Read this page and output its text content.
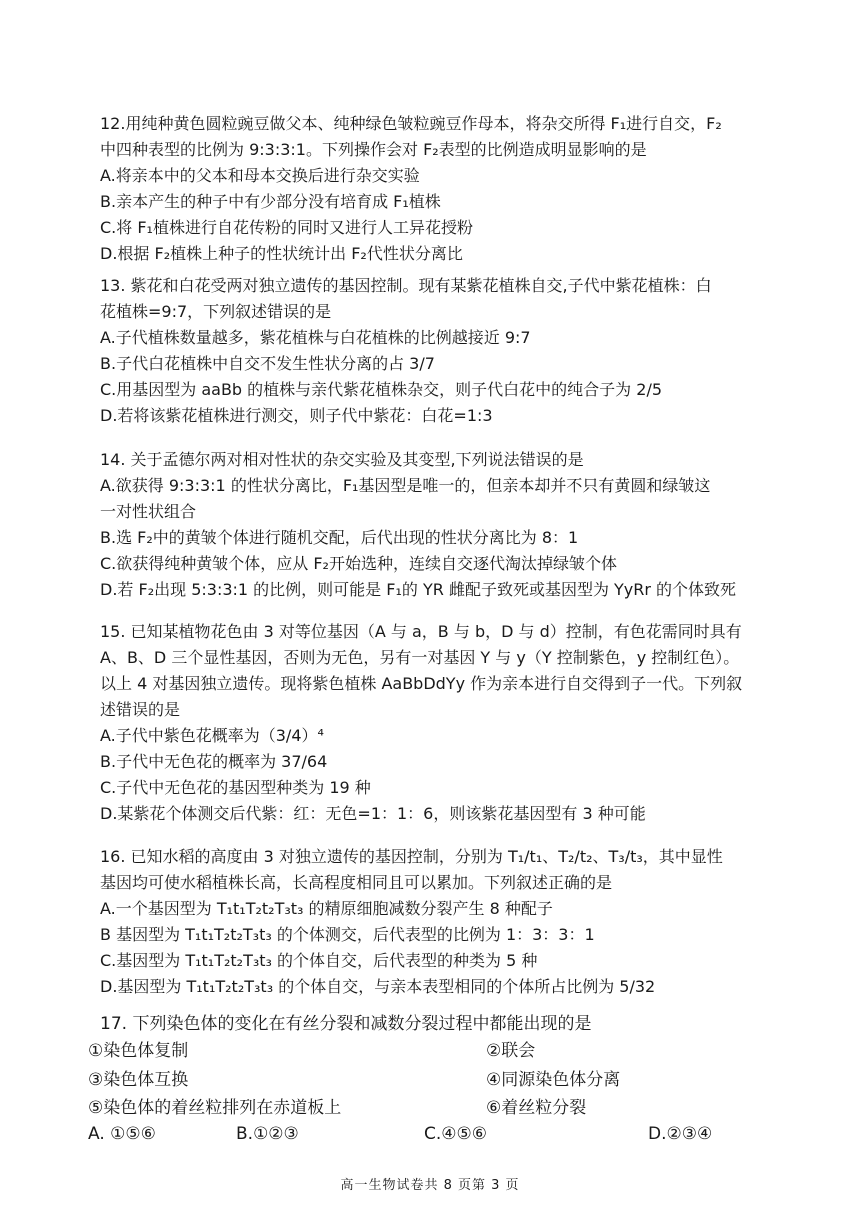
12.用纯种黄色圆粒豌豆做父本、纯种绿色皱粒豌豆作母本，将杂交所得 F₁进行自交，F₂
中四种表型的比例为 9:3:3:1。下列操作会对 F₂表型的比例造成明显影响的是
A.将亲本中的父本和母本交换后进行杂交实验
B.亲本产生的种子中有少部分没有培育成 F₁植株
C.将 F₁植株进行自花传粉的同时又进行人工异花授粉
D.根据 F₂植株上种子的性状统计出 F₂代性状分离比
13. 紫花和白花受两对独立遗传的基因控制。现有某紫花植株自交,子代中紫花植株：白
花植株=9:7，下列叙述错误的是
A.子代植株数量越多，紫花植株与白花植株的比例越接近 9:7
B.子代白花植株中自交不发生性状分离的占 3/7
C.用基因型为 aaBb 的植株与亲代紫花植株杂交，则子代白花中的纯合子为 2/5
D.若将该紫花植株进行测交，则子代中紫花：白花=1:3
14. 关于孟德尔两对相对性状的杂交实验及其变型,下列说法错误的是
A.欲获得 9:3:3:1 的性状分离比，F₁基因型是唯一的，但亲本却并不只有黄圆和绿皱这
一对性状组合
B.选 F₂中的黄皱个体进行随机交配，后代出现的性状分离比为 8：1
C.欲获得纯种黄皱个体，应从 F₂开始选种，连续自交逐代淘汰掉绿皱个体
D.若 F₂出现 5:3:3:1 的比例，则可能是 F₁的 YR 雌配子致死或基因型为 YyRr 的个体致死
15. 已知某植物花色由 3 对等位基因（A 与 a，B 与 b，D 与 d）控制，有色花需同时具有
A、B、D 三个显性基因，否则为无色，另有一对基因 Y 与 y（Y 控制紫色，y 控制红色）。
以上 4 对基因独立遗传。现将紫色植株 AaBbDdYy 作为亲本进行自交得到子一代。下列叙
述错误的是
A.子代中紫色花概率为（3/4）⁴
B.子代中无色花的概率为 37/64
C.子代中无色花的基因型种类为 19 种
D.某紫花个体测交后代紫：红：无色=1：1：6，则该紫花基因型有 3 种可能
16. 已知水稻的高度由 3 对独立遗传的基因控制，分别为 T₁/t₁、T₂/t₂、T₃/t₃，其中显性
基因均可使水稻植株长高，长高程度相同且可以累加。下列叙述正确的是
A.一个基因型为 T₁t₁T₂t₂T₃t₃ 的精原细胞减数分裂产生 8 种配子
B 基因型为 T₁t₁T₂t₂T₃t₃ 的个体测交，后代表型的比例为 1：3：3：1
C.基因型为 T₁t₁T₂t₂T₃t₃ 的个体自交，后代表型的种类为 5 种
D.基因型为 T₁t₁T₂t₂T₃t₃ 的个体自交，与亲本表型相同的个体所占比例为 5/32
17. 下列染色体的变化在有丝分裂和减数分裂过程中都能出现的是
①染色体复制	②联会
③染色体互换	④同源染色体分离
⑤染色体的着丝粒排列在赤道板上	⑥着丝粒分裂
A. ①⑤⑥	B.①②③	C.④⑤⑥	D.②③④
高一生物试卷共 8 页第 3 页
